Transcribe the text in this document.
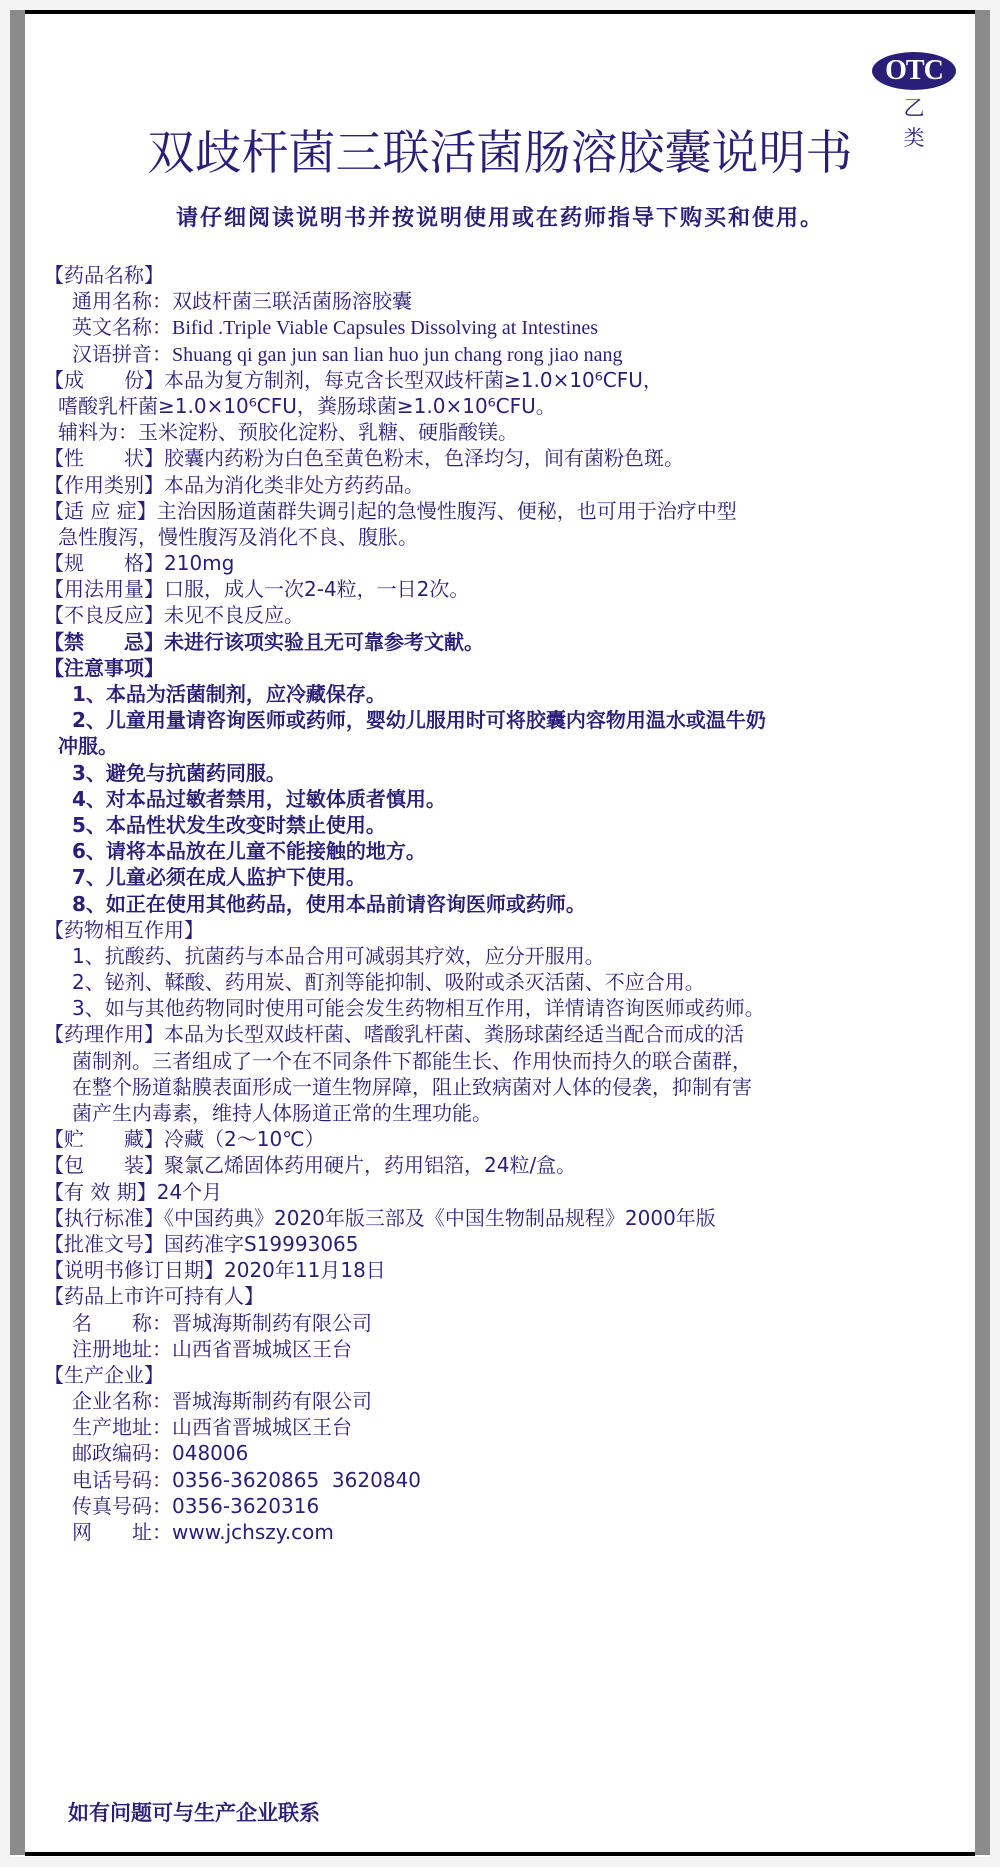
OTC
乙 类
双歧杆菌三联活菌肠溶胶囊说明书
请仔细阅读说明书并按说明使用或在药师指导下购买和使用。
【药品名称】
通用名称：双歧杆菌三联活菌肠溶胶囊
英文名称：Bifid .Triple Viable Capsules Dissolving at Intestines
汉语拼音：Shuang qi gan jun san lian huo jun chang rong jiao nang
【成　　份】本品为复方制剂，每克含长型双歧杆菌≥1.0×10⁶CFU，
嗜酸乳杆菌≥1.0×10⁶CFU，粪肠球菌≥1.0×10⁶CFU。
辅料为：玉米淀粉、预胶化淀粉、乳糖、硬脂酸镁。
【性　　状】胶囊内药粉为白色至黄色粉末，色泽均匀，间有菌粉色斑。
【作用类别】本品为消化类非处方药药品。
【适 应 症】主治因肠道菌群失调引起的急慢性腹泻、便秘，也可用于治疗中型
急性腹泻，慢性腹泻及消化不良、腹胀。
【规　　格】210mg
【用法用量】口服，成人一次2-4粒，一日2次。
【不良反应】未见不良反应。
【禁　　忌】未进行该项实验且无可靠参考文献。
【注意事项】
1、本品为活菌制剂，应冷藏保存。
2、儿童用量请咨询医师或药师，婴幼儿服用时可将胶囊内容物用温水或温牛奶
冲服。
3、避免与抗菌药同服。
4、对本品过敏者禁用，过敏体质者慎用。
5、本品性状发生改变时禁止使用。
6、请将本品放在儿童不能接触的地方。
7、儿童必须在成人监护下使用。
8、如正在使用其他药品，使用本品前请咨询医师或药师。
【药物相互作用】
1、抗酸药、抗菌药与本品合用可减弱其疗效，应分开服用。
2、铋剂、鞣酸、药用炭、酊剂等能抑制、吸附或杀灭活菌、不应合用。
3、如与其他药物同时使用可能会发生药物相互作用，详情请咨询医师或药师。
【药理作用】本品为长型双歧杆菌、嗜酸乳杆菌、粪肠球菌经适当配合而成的活
菌制剂。三者组成了一个在不同条件下都能生长、作用快而持久的联合菌群，
在整个肠道黏膜表面形成一道生物屏障，阻止致病菌对人体的侵袭，抑制有害
菌产生内毒素，维持人体肠道正常的生理功能。
【贮　　藏】冷藏（2～10℃）
【包　　装】聚氯乙烯固体药用硬片，药用铝箔，24粒/盒。
【有 效 期】24个月
【执行标准】《中国药典》2020年版三部及《中国生物制品规程》2000年版
【批准文号】国药准字S19993065
【说明书修订日期】2020年11月18日
【药品上市许可持有人】
名　　称：晋城海斯制药有限公司
注册地址：山西省晋城城区王台
【生产企业】
企业名称：晋城海斯制药有限公司
生产地址：山西省晋城城区王台
邮政编码：048006
电话号码：0356-3620865  3620840
传真号码：0356-3620316
网　　址：www.jchszy.com
如有问题可与生产企业联系
